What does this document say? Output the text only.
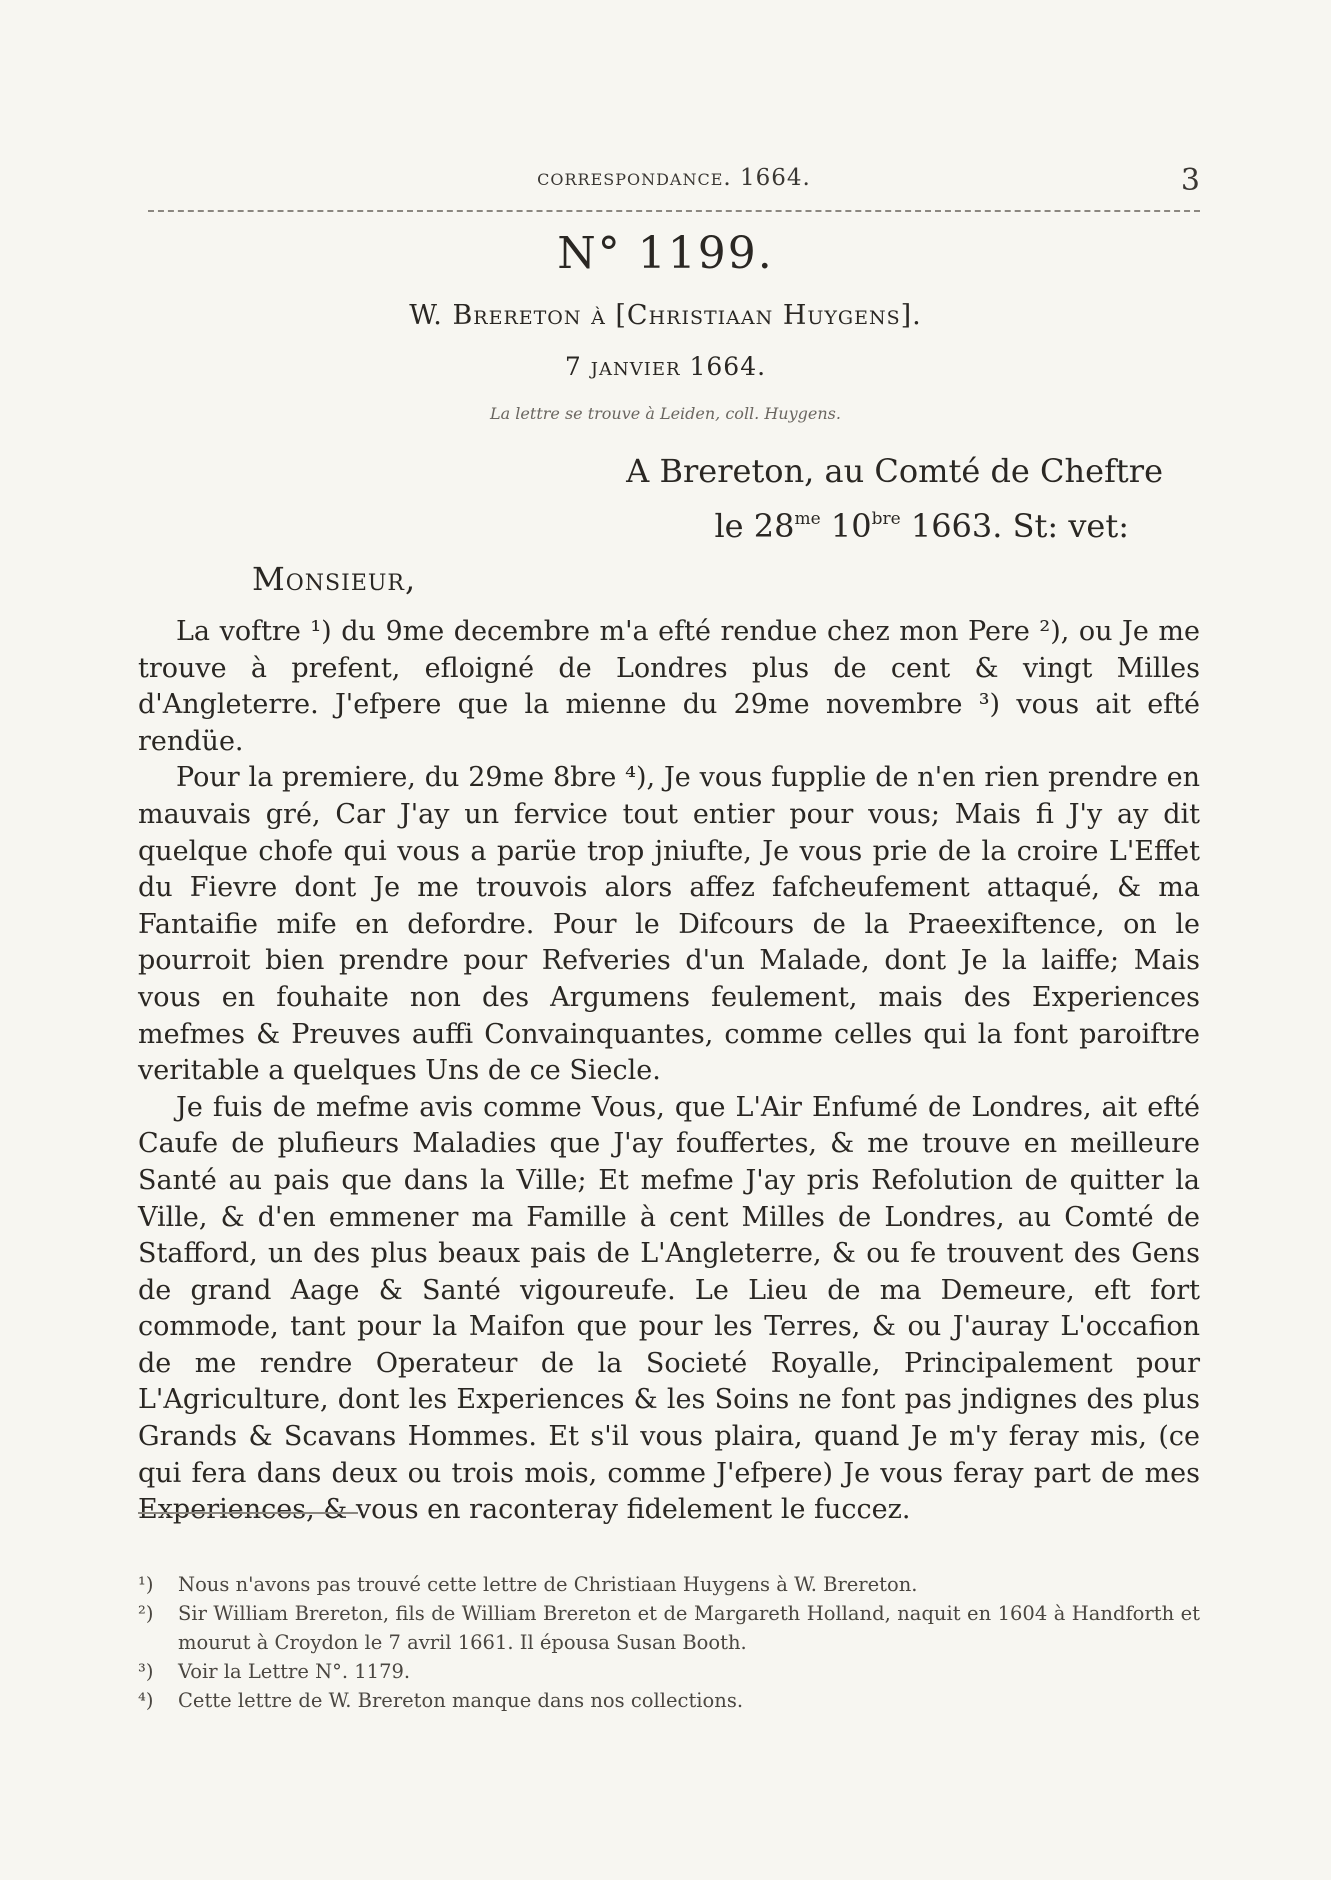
correspondance. 1664.	3
N° 1199.
W. Brereton à [Christiaan Huygens].
7 janvier 1664.
La lettre se trouve à Leiden, coll. Huygens.
A Brereton, au Comté de Cheftre
le $28^{me}$ $10^{bre}$ 1663. St: vet:
Monsieur,

La voftre ¹) du 9me decembre m'a efté rendue chez mon Pere ²), ou Je me trouve à prefent, efloigné de Londres plus de cent & vingt Milles d'Angleterre. J'efpere que la mienne du 29me novembre ³) vous ait efté rendüe.

Pour la premiere, du 29me 8bre ⁴), Je vous fupplie de n'en rien prendre en mauvais gré, Car J'ay un fervice tout entier pour vous; Mais fi J'y ay dit quelque chofe qui vous a parüe trop jniufte, Je vous prie de la croire L'Effet du Fievre dont Je me trouvois alors affez fafcheufement attaqué, & ma Fantaifie mife en defordre. Pour le Difcours de la Praeexiftence, on le pourroit bien prendre pour Refveries d'un Malade, dont Je la laiffe; Mais vous en fouhaite non des Argumens feulement, mais des Experiences mefmes & Preuves auffi Convainquantes, comme celles qui la font paroiftre veritable a quelques Uns de ce Siecle.

Je fuis de mefme avis comme Vous, que L'Air Enfumé de Londres, ait efté Caufe de plufieurs Maladies que J'ay fouffertes, & me trouve en meilleure Santé au pais que dans la Ville; Et mefme J'ay pris Refolution de quitter la Ville, & d'en emmener ma Famille à cent Milles de Londres, au Comté de Stafford, un des plus beaux pais de L'Angleterre, & ou fe trouvent des Gens de grand Aage & Santé vigoureufe. Le Lieu de ma Demeure, eft fort commode, tant pour la Maifon que pour les Terres, & ou J'auray L'occafion de me rendre Operateur de la Societé Royalle, Principalement pour L'Agriculture, dont les Experiences & les Soins ne font pas jndignes des plus Grands & Scavans Hommes. Et s'il vous plaira, quand Je m'y feray mis, (ce qui fera dans deux ou trois mois, comme J'efpere) Je vous feray part de mes Experiences, & vous en raconteray fidelement le fuccez.

¹) Nous n'avons pas trouvé cette lettre de Christiaan Huygens à W. Brereton.
²) Sir William Brereton, fils de William Brereton et de Margareth Holland, naquit en 1604 à Handforth et mourut à Croydon le 7 avril 1661. Il épousa Susan Booth.
³) Voir la Lettre N°. 1179.
⁴) Cette lettre de W. Brereton manque dans nos collections.
